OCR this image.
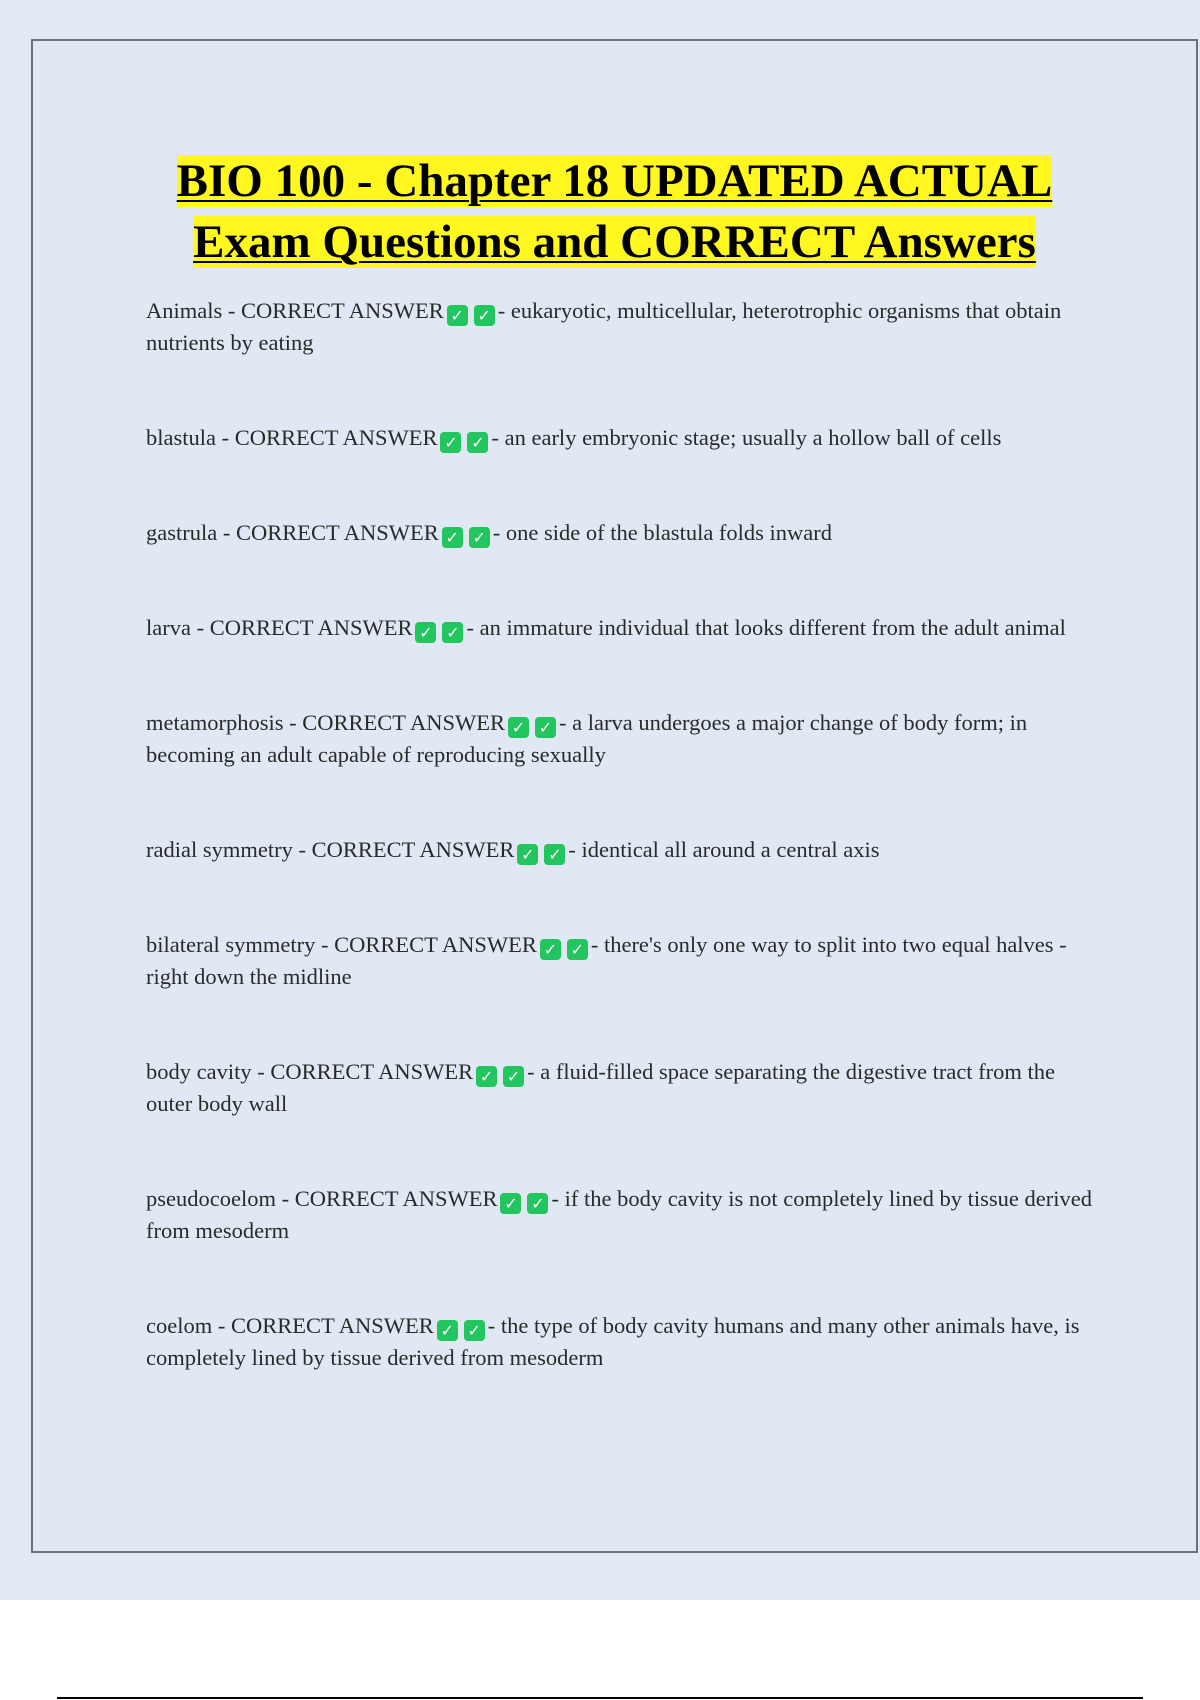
BIO 100 - Chapter 18 UPDATED ACTUAL
Exam Questions and CORRECT Answers
Animals - CORRECT ANSWER ✓ ✓ - eukaryotic, multicellular, heterotrophic organisms that obtain nutrients by eating
blastula - CORRECT ANSWER ✓ ✓ - an early embryonic stage; usually a hollow ball of cells
gastrula - CORRECT ANSWER ✓ ✓ - one side of the blastula folds inward
larva - CORRECT ANSWER ✓ ✓ - an immature individual that looks different from the adult animal
metamorphosis - CORRECT ANSWER ✓ ✓ - a larva undergoes a major change of body form; in becoming an adult capable of reproducing sexually
radial symmetry - CORRECT ANSWER ✓ ✓ - identical all around a central axis
bilateral symmetry - CORRECT ANSWER ✓ ✓ - there's only one way to split into two equal halves -right down the midline
body cavity - CORRECT ANSWER ✓ ✓ - a fluid-filled space separating the digestive tract from the outer body wall
pseudocoelom - CORRECT ANSWER ✓ ✓ - if the body cavity is not completely lined by tissue derived from mesoderm
coelom - CORRECT ANSWER ✓ ✓ - the type of body cavity humans and many other animals have, is completely lined by tissue derived from mesoderm
